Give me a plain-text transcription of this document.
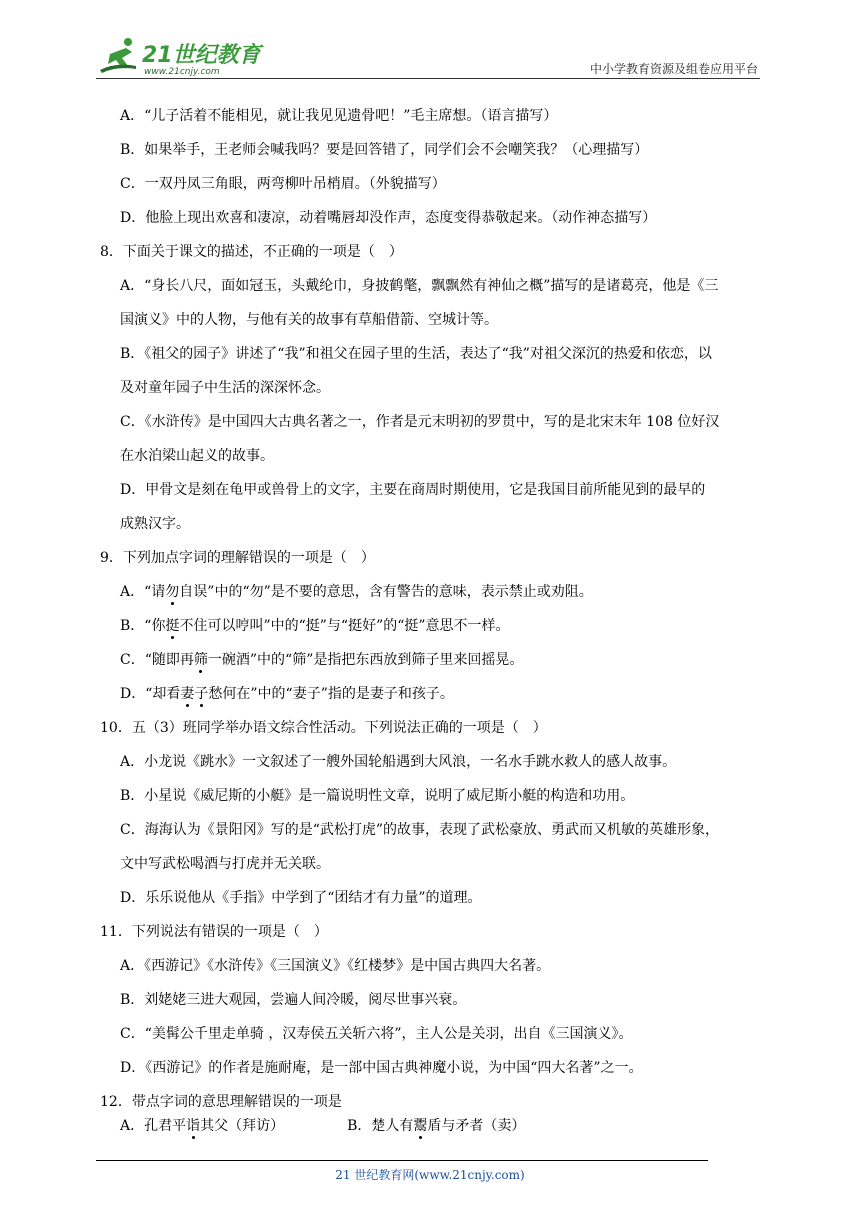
21世纪教育
www.21cnjy.com	中小学教育资源及组卷应用平台
A．“儿子活着不能相见，就让我见见遗骨吧！”毛主席想。（语言描写）
B．如果举手，王老师会喊我吗？要是回答错了，同学们会不会嘲笑我？（心理描写）
C．一双丹凤三角眼，两弯柳叶吊梢眉。（外貌描写）
D．他脸上现出欢喜和凄凉，动着嘴唇却没作声，态度变得恭敬起来。（动作神态描写）
8．下面关于课文的描述，不正确的一项是（　）
A．“身长八尺，面如冠玉，头戴纶巾，身披鹤氅，飘飘然有神仙之概”描写的是诸葛亮，他是《三
国演义》中的人物，与他有关的故事有草船借箭、空城计等。
B．《祖父的园子》讲述了“我”和祖父在园子里的生活，表达了“我”对祖父深沉的热爱和依恋，以
及对童年园子中生活的深深怀念。
C．《水浒传》是中国四大古典名著之一，作者是元末明初的罗贯中，写的是北宋末年 108 位好汉
在水泊梁山起义的故事。
D．甲骨文是刻在龟甲或兽骨上的文字，主要在商周时期使用，它是我国目前所能见到的最早的
成熟汉字。
9．下列加点字词的理解错误的一项是（　）
A．“请勿自误”中的“勿”是不要的意思，含有警告的意味，表示禁止或劝阻。
B．“你挺不住可以哼叫”中的“挺”与“挺好”的“挺”意思不一样。
C．“随即再筛一碗酒”中的“筛”是指把东西放到筛子里来回摇晃。
D．“却看妻子愁何在”中的“妻子”指的是妻子和孩子。
10．五（3）班同学举办语文综合性活动。下列说法正确的一项是（　）
A．小龙说《跳水》一文叙述了一艘外国轮船遇到大风浪，一名水手跳水救人的感人故事。
B．小星说《威尼斯的小艇》是一篇说明性文章，说明了威尼斯小艇的构造和功用。
C．海海认为《景阳冈》写的是“武松打虎”的故事，表现了武松豪放、勇武而又机敏的英雄形象，
文中写武松喝酒与打虎并无关联。
D．乐乐说他从《手指》中学到了“团结才有力量”的道理。
11．下列说法有错误的一项是（　）
A．《西游记》《水浒传》《三国演义》《红楼梦》是中国古典四大名著。
B．刘姥姥三进大观园，尝遍人间冷暖，阅尽世事兴衰。
C．“美髯公千里走单骑 ，汉寿侯五关斩六将”，主人公是关羽，出自《三国演义》。
D．《西游记》的作者是施耐庵，是一部中国古典神魔小说，为中国“四大名著”之一。
12．带点字词的意思理解错误的一项是
A．孔君平诣其父（拜访）　　　　　B．楚人有鬻盾与矛者（卖）
21 世纪教育网(www.21cnjy.com)
